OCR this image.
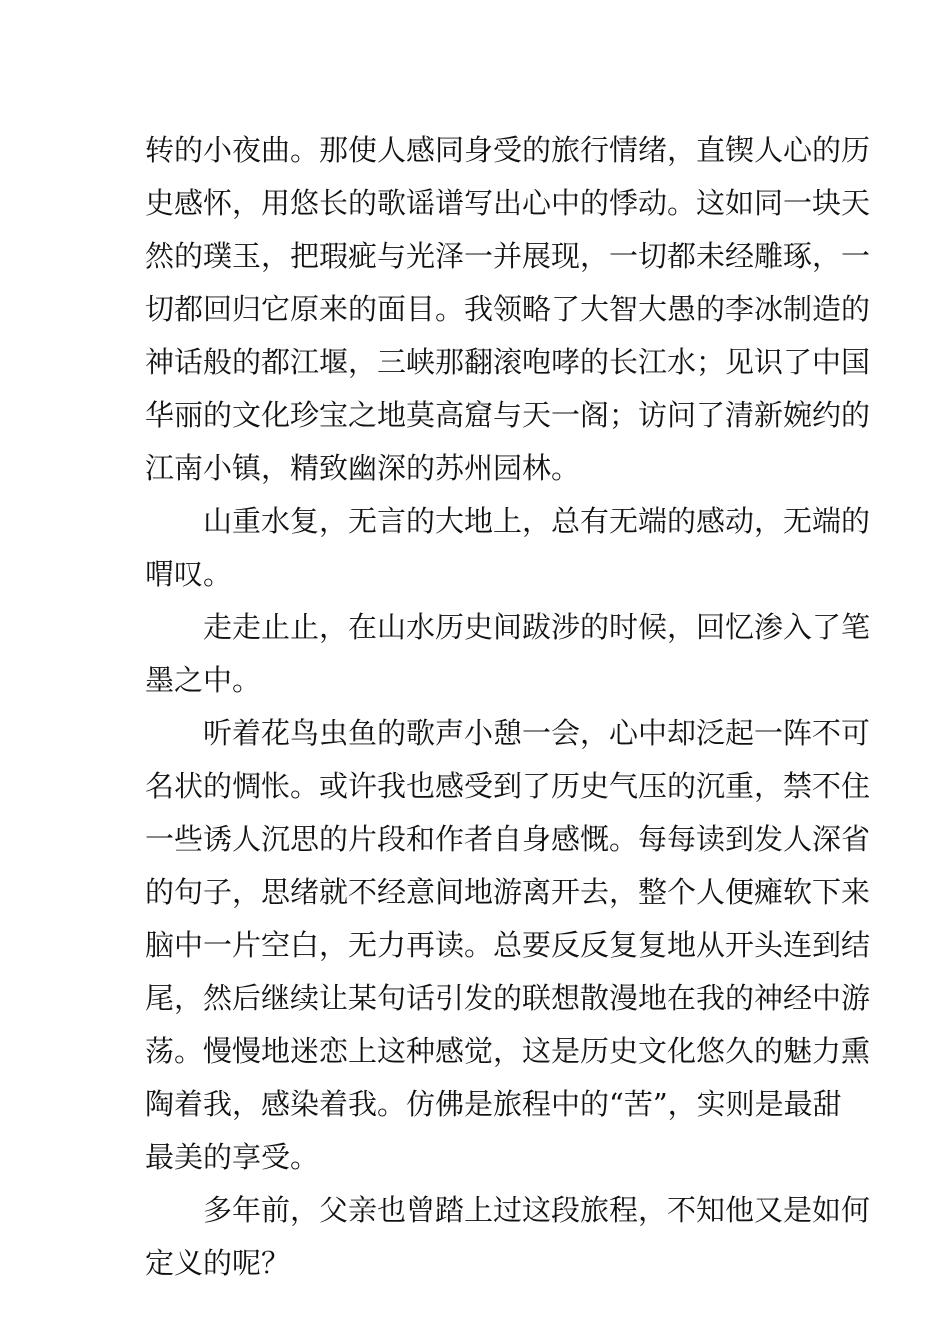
转的小夜曲。那使人感同身受的旅行情绪，直锲人心的历
史感怀，用悠长的歌谣谱写出心中的悸动。这如同一块天
然的璞玉，把瑕疵与光泽一并展现，一切都未经雕琢，一
切都回归它原来的面目。我领略了大智大愚的李冰制造的
神话般的都江堰，三峡那翻滚咆哮的长江水；见识了中国
华丽的文化珍宝之地莫高窟与天一阁；访问了清新婉约的
江南小镇，精致幽深的苏州园林。
山重水复，无言的大地上，总有无端的感动，无端的
喟叹。
走走止止，在山水历史间跋涉的时候，回忆渗入了笔
墨之中。
听着花鸟虫鱼的歌声小憩一会，心中却泛起一阵不可
名状的惆怅。或许我也感受到了历史气压的沉重，禁不住
一些诱人沉思的片段和作者自身感慨。每每读到发人深省
的句子，思绪就不经意间地游离开去，整个人便瘫软下来
脑中一片空白，无力再读。总要反反复复地从开头连到结
尾，然后继续让某句话引发的联想散漫地在我的神经中游
荡。慢慢地迷恋上这种感觉，这是历史文化悠久的魅力熏
陶着我，感染着我。仿佛是旅程中的“苦”，实则是最甜
最美的享受。
多年前，父亲也曾踏上过这段旅程，不知他又是如何
定义的呢？
